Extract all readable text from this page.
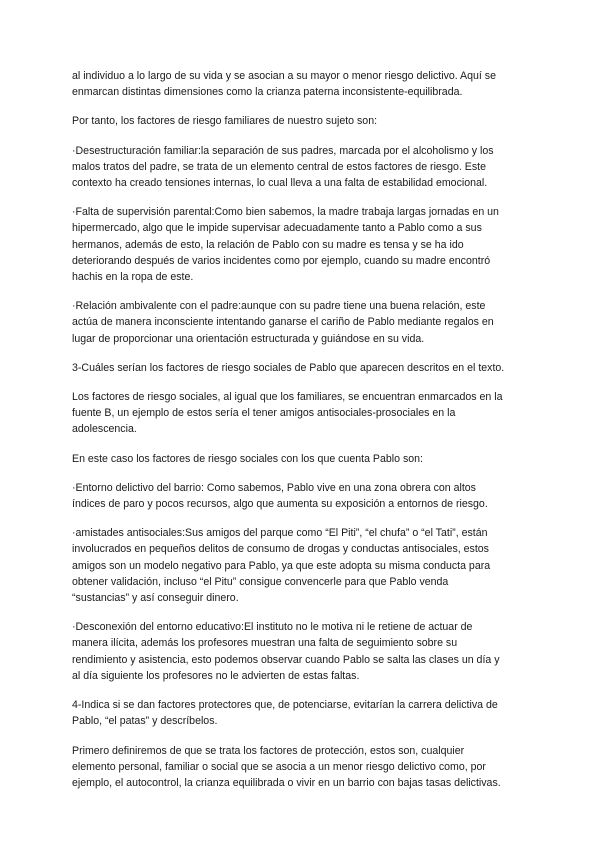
al individuo a lo largo de su vida y se asocian a su mayor o menor riesgo delictivo. Aquí se
enmarcan distintas dimensiones como la crianza paterna inconsistente-equilibrada.

Por tanto, los factores de riesgo familiares de nuestro sujeto son:

·Desestructuración familiar:la separación de sus padres, marcada por el alcoholismo y los
malos tratos del padre, se trata de un elemento central de estos factores de riesgo. Este
contexto ha creado tensiones internas, lo cual lleva a una falta de estabilidad emocional.

·Falta de supervisión parental:Como bien sabemos, la madre trabaja largas jornadas en un
hipermercado, algo que le impide supervisar adecuadamente tanto a Pablo como a sus
hermanos, además de esto, la relación de Pablo con su madre es tensa y se ha ido
deteriorando después de varios incidentes como por ejemplo, cuando su madre encontró
hachis en la ropa de este.

·Relación ambivalente con el padre:aunque con su padre tiene una buena relación, este
actúa de manera inconsciente intentando ganarse el cariño de Pablo mediante regalos en
lugar de proporcionar una orientación estructurada y guiándose en su vida.

3-Cuáles serían los factores de riesgo sociales de Pablo que aparecen descritos en el texto.

Los factores de riesgo sociales, al igual que los familiares, se encuentran enmarcados en la
fuente B, un ejemplo de estos sería el tener amigos antisociales-prosociales en la
adolescencia.

En este caso los factores de riesgo sociales con los que cuenta Pablo son:

·Entorno delictivo del barrio: Como sabemos, Pablo vive en una zona obrera con altos
índices de paro y pocos recursos, algo que aumenta su exposición a entornos de riesgo.

·amistades antisociales:Sus amigos del parque como “El Piti”, “el chufa” o “el Tati”, están
involucrados en pequeños delitos de consumo de drogas y conductas antisociales, estos
amigos son un modelo negativo para Pablo, ya que este adopta su misma conducta para
obtener validación, incluso “el Pitu” consigue convencerle para que Pablo venda
“sustancias” y así conseguir dinero.

·Desconexión del entorno educativo:El instituto no le motiva ni le retiene de actuar de
manera ilícita, además los profesores muestran una falta de seguimiento sobre su
rendimiento y asistencia, esto podemos observar cuando Pablo se salta las clases un día y
al día siguiente los profesores no le advierten de estas faltas.

4-Indica si se dan factores protectores que, de potenciarse, evitarían la carrera delictiva de
Pablo, “el patas” y descríbelos.

Primero definiremos de que se trata los factores de protección, estos son, cualquier
elemento personal, familiar o social que se asocia a un menor riesgo delictivo como, por
ejemplo, el autocontrol, la crianza equilibrada o vivir en un barrio con bajas tasas delictivas.
